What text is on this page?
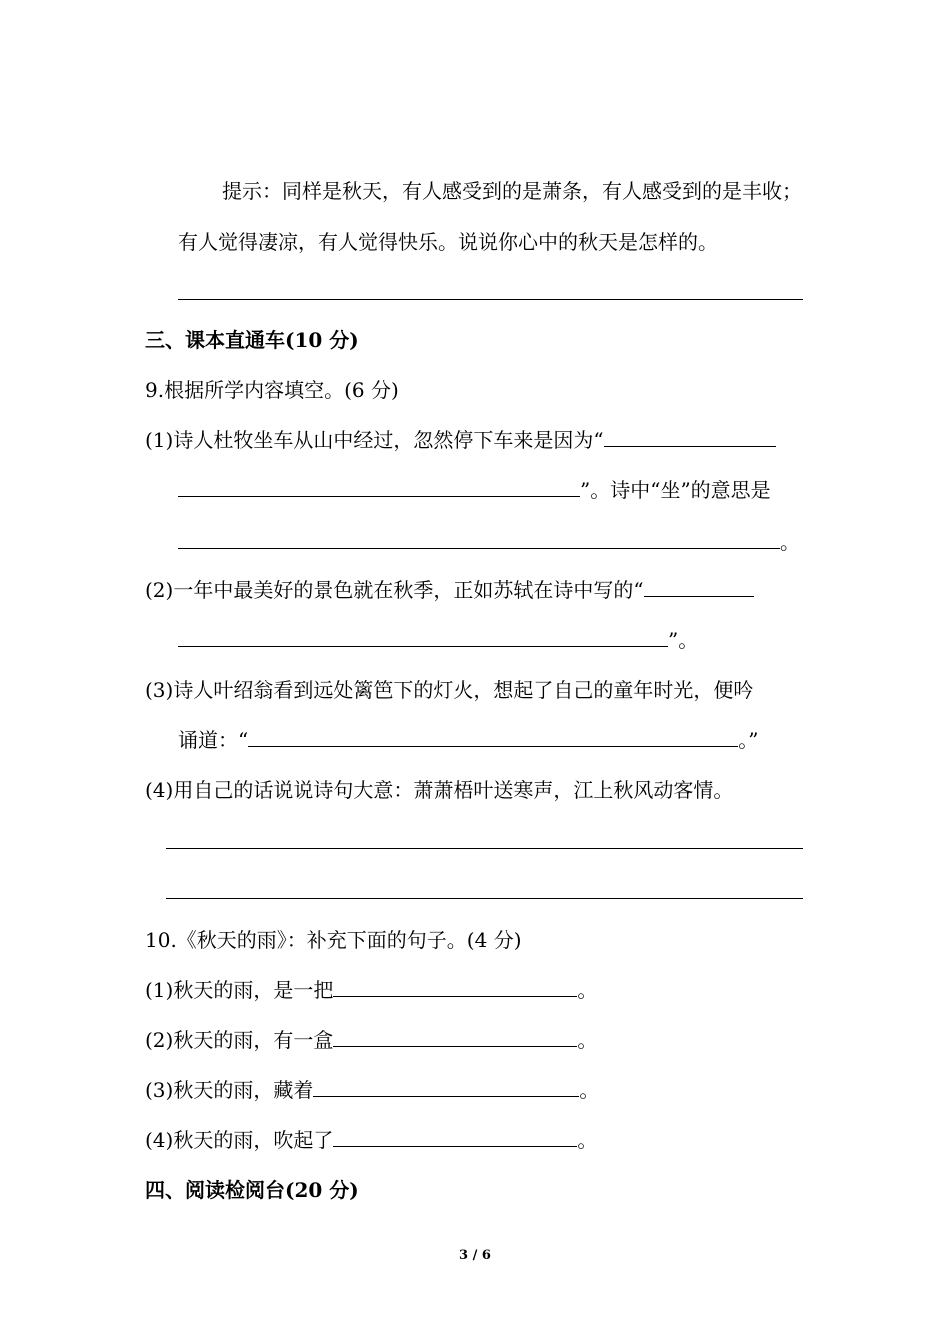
提示：同样是秋天，有人感受到的是萧条，有人感受到的是丰收；
有人觉得凄凉，有人觉得快乐。说说你心中的秋天是怎样的。
三、课本直通车(10 分)
9.根据所学内容填空。(6 分)
(1)诗人杜牧坐车从山中经过，忽然停下车来是因为“
”。诗中“坐”的意思是
。
(2)一年中最美好的景色就在秋季，正如苏轼在诗中写的“
”。
(3)诗人叶绍翁看到远处篱笆下的灯火，想起了自己的童年时光，便吟
诵道：“	。”
(4)用自己的话说说诗句大意：萧萧梧叶送寒声，江上秋风动客情。
10.《秋天的雨》：补充下面的句子。(4 分)
(1)秋天的雨，是一把	。
(2)秋天的雨，有一盒	。
(3)秋天的雨，藏着	。
(4)秋天的雨，吹起了	。
四、阅读检阅台(20 分)
3 / 6
